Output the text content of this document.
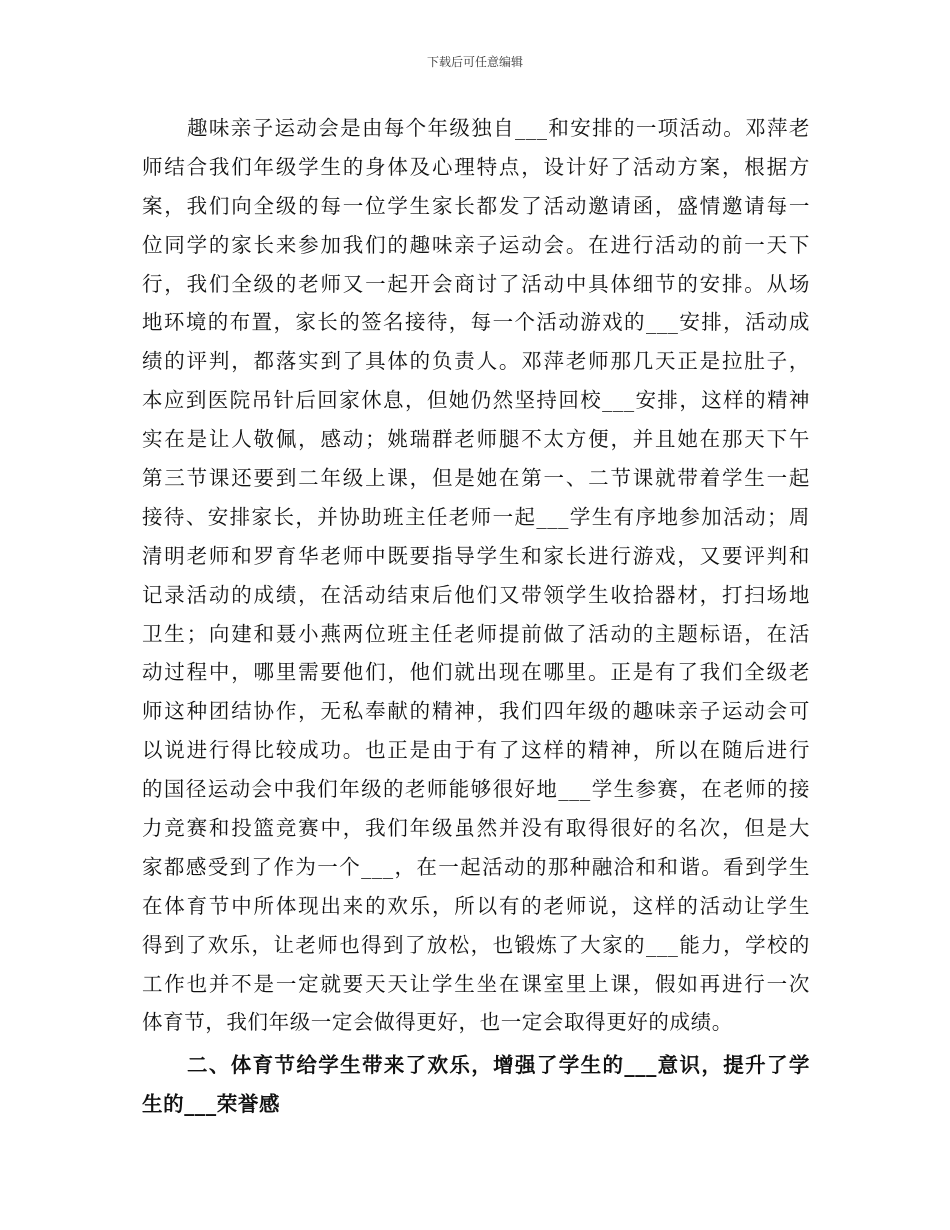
下载后可任意编辑
趣味亲子运动会是由每个年级独自___和安排的一项活动。邓萍老
师结合我们年级学生的身体及心理特点，设计好了活动方案，根据方
案，我们向全级的每一位学生家长都发了活动邀请函，盛情邀请每一
位同学的家长来参加我们的趣味亲子运动会。在进行活动的前一天下
行，我们全级的老师又一起开会商讨了活动中具体细节的安排。从场
地环境的布置，家长的签名接待，每一个活动游戏的___安排，活动成
绩的评判，都落实到了具体的负责人。邓萍老师那几天正是拉肚子，
本应到医院吊针后回家休息，但她仍然坚持回校___安排，这样的精神
实在是让人敬佩，感动；姚瑞群老师腿不太方便，并且她在那天下午
第三节课还要到二年级上课，但是她在第一、二节课就带着学生一起
接待、安排家长，并协助班主任老师一起___学生有序地参加活动；周
清明老师和罗育华老师中既要指导学生和家长进行游戏，又要评判和
记录活动的成绩，在活动结束后他们又带领学生收拾器材，打扫场地
卫生；向建和聂小燕两位班主任老师提前做了活动的主题标语，在活
动过程中，哪里需要他们，他们就出现在哪里。正是有了我们全级老
师这种团结协作，无私奉献的精神，我们四年级的趣味亲子运动会可
以说进行得比较成功。也正是由于有了这样的精神，所以在随后进行
的国径运动会中我们年级的老师能够很好地___学生参赛，在老师的接
力竞赛和投篮竞赛中，我们年级虽然并没有取得很好的名次，但是大
家都感受到了作为一个___，在一起活动的那种融洽和和谐。看到学生
在体育节中所体现出来的欢乐，所以有的老师说，这样的活动让学生
得到了欢乐，让老师也得到了放松，也锻炼了大家的___能力，学校的
工作也并不是一定就要天天让学生坐在课室里上课，假如再进行一次
体育节，我们年级一定会做得更好，也一定会取得更好的成绩。
二、体育节给学生带来了欢乐，增强了学生的___意识，提升了学
生的___荣誉感
